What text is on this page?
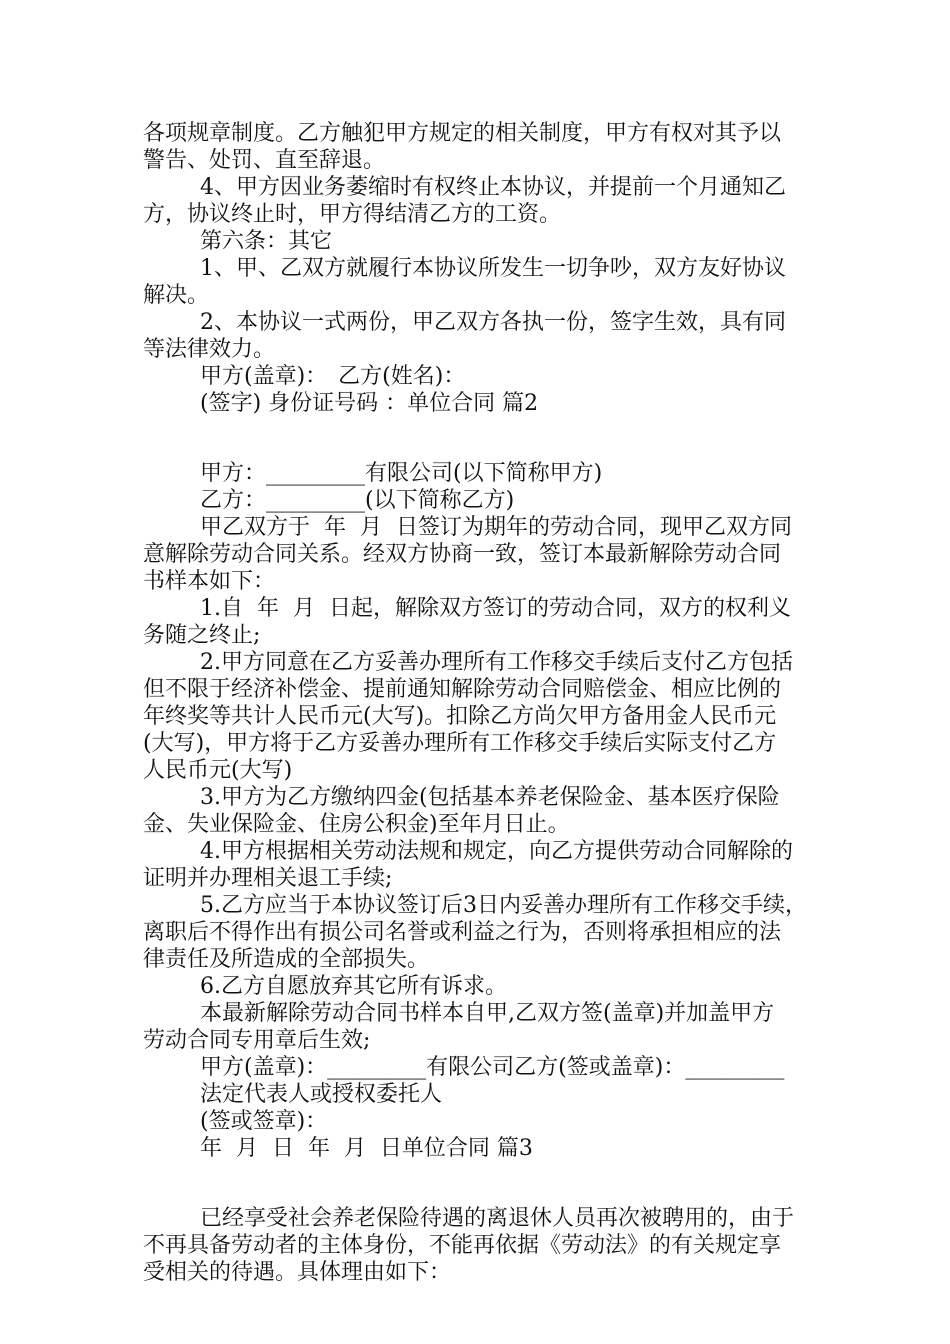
各项规章制度。乙方触犯甲方规定的相关制度，甲方有权对其予以
警告、处罚、直至辞退。
4、甲方因业务萎缩时有权终止本协议，并提前一个月通知乙
方，协议终止时，甲方得结清乙方的工资。
第六条：其它
1、甲、乙双方就履行本协议所发生一切争吵，双方友好协议
解决。
2、本协议一式两份，甲乙双方各执一份，签字生效，具有同
等法律效力。
甲方(盖章)：　乙方(姓名)：
(签字) 身份证号码 ：单位合同 篇2
甲方：_________有限公司(以下简称甲方)
乙方：_________(以下简称乙方)
甲乙双方于  年  月  日签订为期年的劳动合同，现甲乙双方同
意解除劳动合同关系。经双方协商一致，签订本最新解除劳动合同
书样本如下：
1.自  年  月  日起，解除双方签订的劳动合同，双方的权利义
务随之终止;
2.甲方同意在乙方妥善办理所有工作移交手续后支付乙方包括
但不限于经济补偿金、提前通知解除劳动合同赔偿金、相应比例的
年终奖等共计人民币元(大写)。扣除乙方尚欠甲方备用金人民币元
(大写)，甲方将于乙方妥善办理所有工作移交手续后实际支付乙方
人民币元(大写)
3.甲方为乙方缴纳四金(包括基本养老保险金、基本医疗保险
金、失业保险金、住房公积金)至年月日止。
4.甲方根据相关劳动法规和规定，向乙方提供劳动合同解除的
证明并办理相关退工手续;
5.乙方应当于本协议签订后3日内妥善办理所有工作移交手续，
离职后不得作出有损公司名誉或利益之行为，否则将承担相应的法
律责任及所造成的全部损失。
6.乙方自愿放弃其它所有诉求。
本最新解除劳动合同书样本自甲,乙双方签(盖章)并加盖甲方
劳动合同专用章后生效;
甲方(盖章)：_________有限公司乙方(签或盖章)：_________
法定代表人或授权委托人
(签或签章)：
年  月  日  年  月  日单位合同 篇3
已经享受社会养老保险待遇的离退休人员再次被聘用的，由于
不再具备劳动者的主体身份，不能再依据《劳动法》的有关规定享
受相关的待遇。具体理由如下：
